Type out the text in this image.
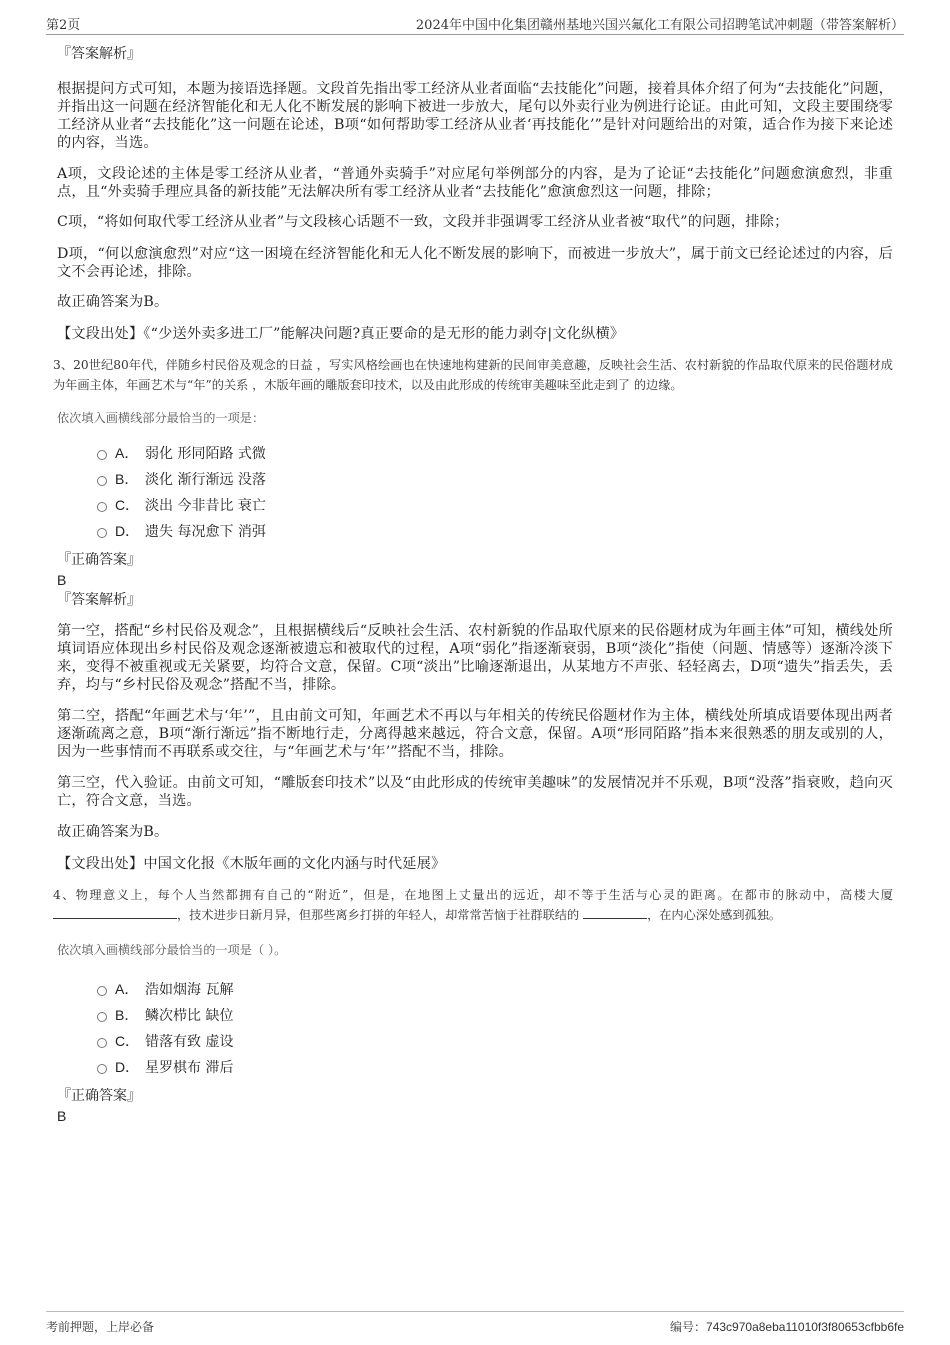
第2页	2024年中国中化集团赣州基地兴国兴氟化工有限公司招聘笔试冲刺题（带答案解析）

『答案解析』

根据提问方式可知，本题为接语选择题。文段首先指出零工经济从业者面临“去技能化”问题，接着具体介绍了何为“去技能化”问题，并指出这一问题在经济智能化和无人化不断发展的影响下被进一步放大，尾句以外卖行业为例进行论证。由此可知，文段主要围绕零工经济从业者“去技能化”这一问题在论述，B项“如何帮助零工经济从业者‘再技能化’”是针对问题给出的对策，适合作为接下来论述的内容，当选。

A项，文段论述的主体是零工经济从业者，“普通外卖骑手”对应尾句举例部分的内容，是为了论证“去技能化”问题愈演愈烈，非重点，且“外卖骑手理应具备的新技能”无法解决所有零工经济从业者“去技能化”愈演愈烈这一问题，排除；

C项，“将如何取代零工经济从业者”与文段核心话题不一致，文段并非强调零工经济从业者被“取代”的问题，排除；

D项，“何以愈演愈烈”对应“这一困境在经济智能化和无人化不断发展的影响下，而被进一步放大”，属于前文已经论述过的内容，后文不会再论述，排除。

故正确答案为B。

【文段出处】《“少送外卖多进工厂”能解决问题?真正要命的是无形的能力剥夺|文化纵横》

3、20世纪80年代，伴随乡村民俗及观念的日益 ，写实风格绘画也在快速地构建新的民间审美意趣，反映社会生活、农村新貌的作品取代原来的民俗题材成为年画主体，年画艺术与“年”的关系 ，木版年画的雕版套印技术，以及由此形成的传统审美趣味至此走到了 的边缘。

依次填入画横线部分最恰当的一项是：

A． 弱化 形同陌路 式微
B． 淡化 渐行渐远 没落
C． 淡出 今非昔比 衰亡
D． 遗失 每况愈下 消弭

『正确答案』

B

『答案解析』

第一空，搭配“乡村民俗及观念”，且根据横线后“反映社会生活、农村新貌的作品取代原来的民俗题材成为年画主体”可知，横线处所填词语应体现出乡村民俗及观念逐渐被遗忘和被取代的过程，A项“弱化”指逐渐衰弱，B项“淡化”指使（问题、情感等）逐渐冷淡下来，变得不被重视或无关紧要，均符合文意，保留。C项“淡出”比喻逐渐退出，从某地方不声张、轻轻离去，D项“遗失”指丢失，丢弃，均与“乡村民俗及观念”搭配不当，排除。

第二空，搭配“年画艺术与‘年’”，且由前文可知，年画艺术不再以与年相关的传统民俗题材作为主体，横线处所填成语要体现出两者逐渐疏离之意，B项“渐行渐远”指不断地行走，分离得越来越远，符合文意，保留。A项“形同陌路”指本来很熟悉的朋友或别的人，因为一些事情而不再联系或交往，与“年画艺术与‘年’”搭配不当，排除。

第三空，代入验证。由前文可知，“雕版套印技术”以及“由此形成的传统审美趣味”的发展情况并不乐观，B项“没落”指衰败，趋向灭亡，符合文意，当选。

故正确答案为B。

【文段出处】中国文化报《木版年画的文化内涵与时代延展》

4、物理意义上，每个人当然都拥有自己的“附近”，但是，在地图上丈量出的远近，却不等于生活与心灵的距离。在都市的脉动中，高楼大厦，技术进步日新月异，但那些离乡打拼的年轻人，却常常苦恼于社群联结的	，在内心深处感到孤独。

依次填入画横线部分最恰当的一项是（ ）。

A． 浩如烟海 瓦解
B． 鳞次栉比 缺位
C． 错落有致 虚设
D． 星罗棋布 滞后

『正确答案』

B

考前押题，上岸必备	编号：743c970a8eba11010f3f80653cfbb6fe
